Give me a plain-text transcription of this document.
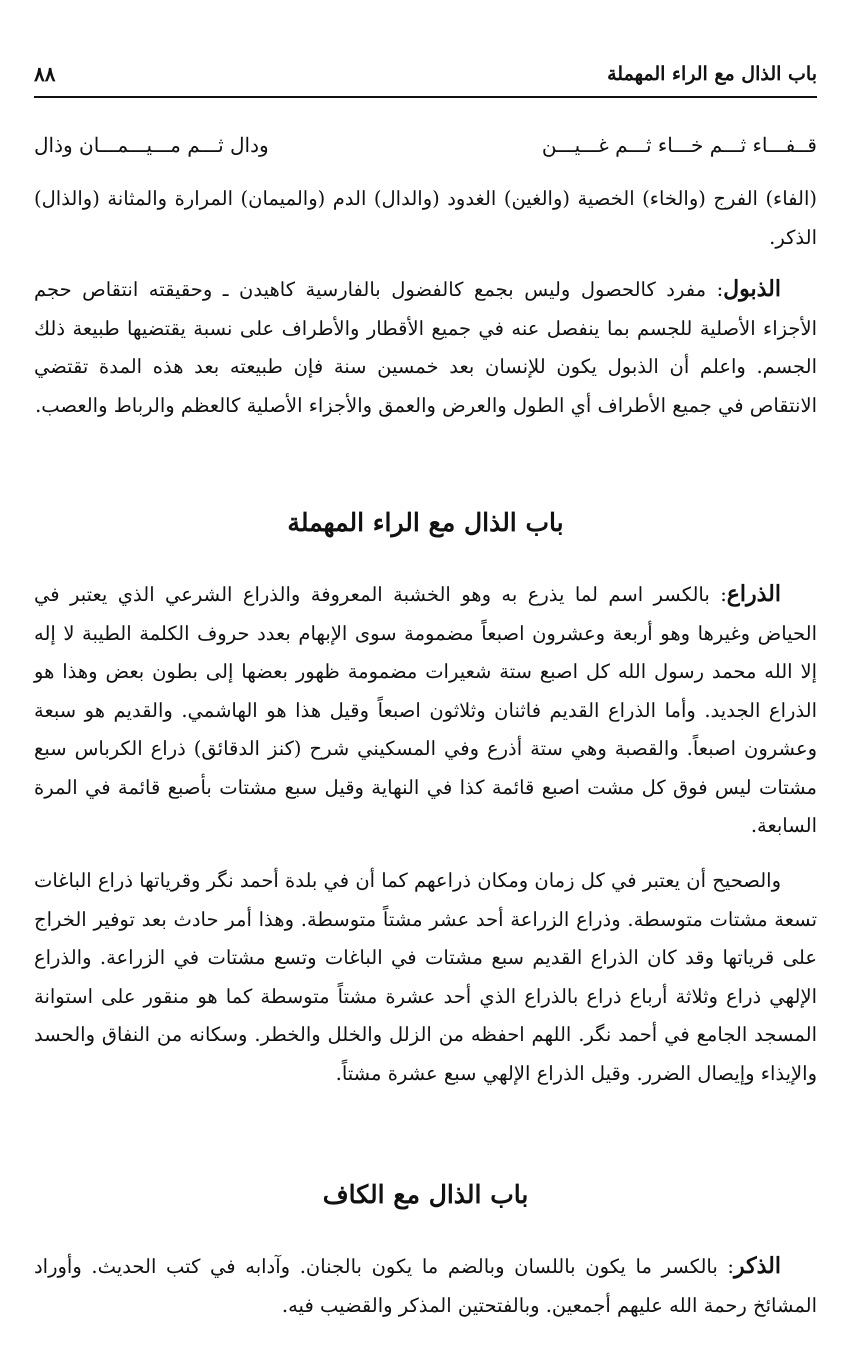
باب الذال مع الراء المهملة
٨٨
قــفـــاء ثـــم خـــاء ثـــم غـــيـــن
ودال ثـــم مـــيـــمـــان وذال

(الفاء) الفرج (والخاء) الخصية (والغين) الغدود (والدال) الدم (والميمان) المرارة والمثانة (والذال) الذكر.

الذبول: مفرد كالحصول وليس بجمع كالفضول بالفارسية كاهيدن ـ وحقيقته انتقاص حجم الأجزاء الأصلية للجسم بما ينفصل عنه في جميع الأقطار والأطراف على نسبة يقتضيها طبيعة ذلك الجسم. واعلم أن الذبول يكون للإنسان بعد خمسين سنة فإن طبيعته بعد هذه المدة تقتضي الانتقاص في جميع الأطراف أي الطول والعرض والعمق والأجزاء الأصلية كالعظم والرباط والعصب.

باب الذال مع الراء المهملة

الذراع: بالكسر اسم لما يذرع به وهو الخشبة المعروفة والذراع الشرعي الذي يعتبر في الحياض وغيرها وهو أربعة وعشرون اصبعاً مضمومة سوى الإبهام بعدد حروف الكلمة الطيبة لا إله إلا الله محمد رسول الله كل اصبع ستة شعيرات مضمومة ظهور بعضها إلى بطون بعض وهذا هو الذراع الجديد. وأما الذراع القديم فاثنان وثلاثون اصبعاً وقيل هذا هو الهاشمي. والقديم هو سبعة وعشرون اصبعاً. والقصبة وهي ستة أذرع وفي المسكيني شرح (كنز الدقائق) ذراع الكرباس سبع مشتات ليس فوق كل مشت اصبع قائمة كذا في النهاية وقيل سبع مشتات بأصبع قائمة في المرة السابعة.

والصحيح أن يعتبر في كل زمان ومكان ذراعهم كما أن في بلدة أحمد نگر وقرياتها ذراع الباغات تسعة مشتات متوسطة. وذراع الزراعة أحد عشر مشتاً متوسطة. وهذا أمر حادث بعد توفير الخراج على قرياتها وقد كان الذراع القديم سبع مشتات في الباغات وتسع مشتات في الزراعة. والذراع الإلهي ذراع وثلاثة أرباع ذراع بالذراع الذي أحد عشرة مشتاً متوسطة كما هو منقور على استوانة المسجد الجامع في أحمد نگر. اللهم احفظه من الزلل والخلل والخطر. وسكانه من النفاق والحسد والإيذاء وإيصال الضرر. وقيل الذراع الإلهي سبع عشرة مشتاً.

باب الذال مع الكاف

الذكر: بالكسر ما يكون باللسان وبالضم ما يكون بالجنان. وآدابه في كتب الحديث. وأوراد المشائخ رحمة الله عليهم أجمعين. وبالفتحتين المذكر والقضيب فيه.
